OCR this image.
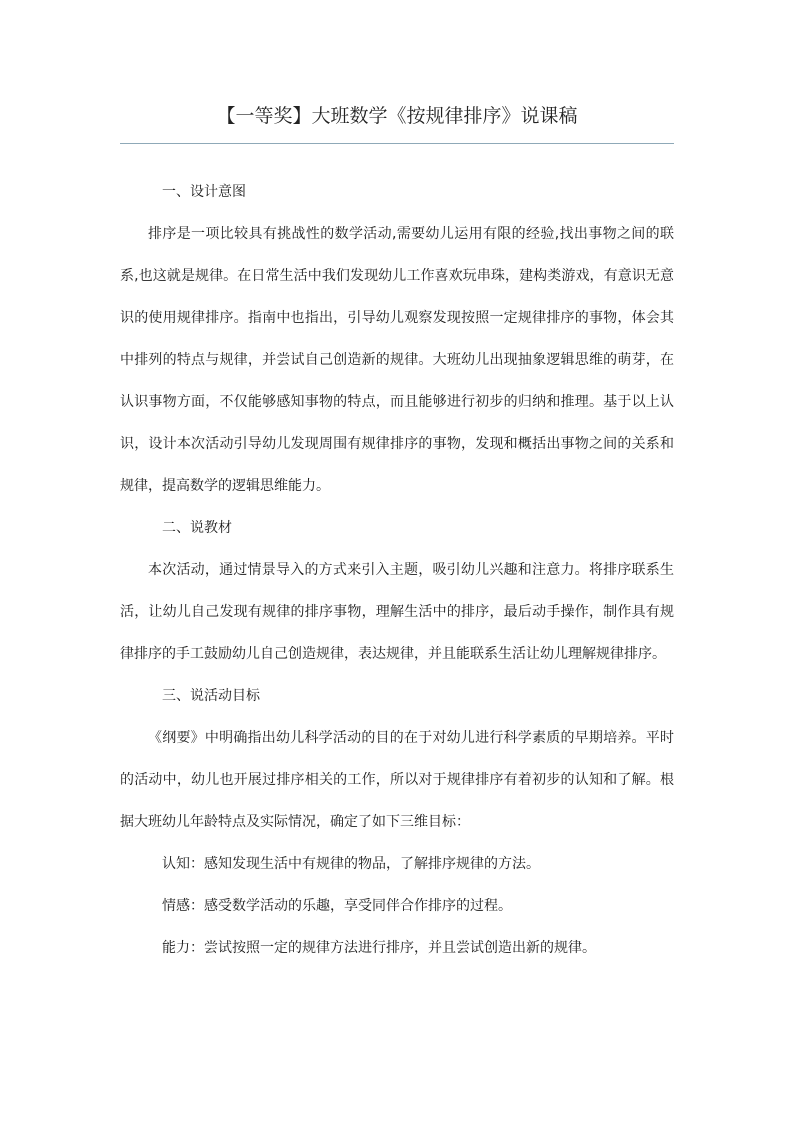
【一等奖】大班数学《按规律排序》说课稿

一、设计意图

排序是一项比较具有挑战性的数学活动,需要幼儿运用有限的经验,找出事物之间的联系,也这就是规律。在日常生活中我们发现幼儿工作喜欢玩串珠，建构类游戏，有意识无意识的使用规律排序。指南中也指出，引导幼儿观察发现按照一定规律排序的事物，体会其中排列的特点与规律，并尝试自己创造新的规律。大班幼儿出现抽象逻辑思维的萌芽，在认识事物方面，不仅能够感知事物的特点，而且能够进行初步的归纳和推理。基于以上认识，设计本次活动引导幼儿发现周围有规律排序的事物，发现和概括出事物之间的关系和规律，提高数学的逻辑思维能力。

二、说教材

本次活动，通过情景导入的方式来引入主题，吸引幼儿兴趣和注意力。将排序联系生活，让幼儿自己发现有规律的排序事物，理解生活中的排序，最后动手操作，制作具有规律排序的手工鼓励幼儿自己创造规律，表达规律，并且能联系生活让幼儿理解规律排序。

三、说活动目标

《纲要》中明确指出幼儿科学活动的目的在于对幼儿进行科学素质的早期培养。平时的活动中，幼儿也开展过排序相关的工作，所以对于规律排序有着初步的认知和了解。根据大班幼儿年龄特点及实际情况，确定了如下三维目标：

认知：感知发现生活中有规律的物品，了解排序规律的方法。

情感：感受数学活动的乐趣，享受同伴合作排序的过程。

能力：尝试按照一定的规律方法进行排序，并且尝试创造出新的规律。
